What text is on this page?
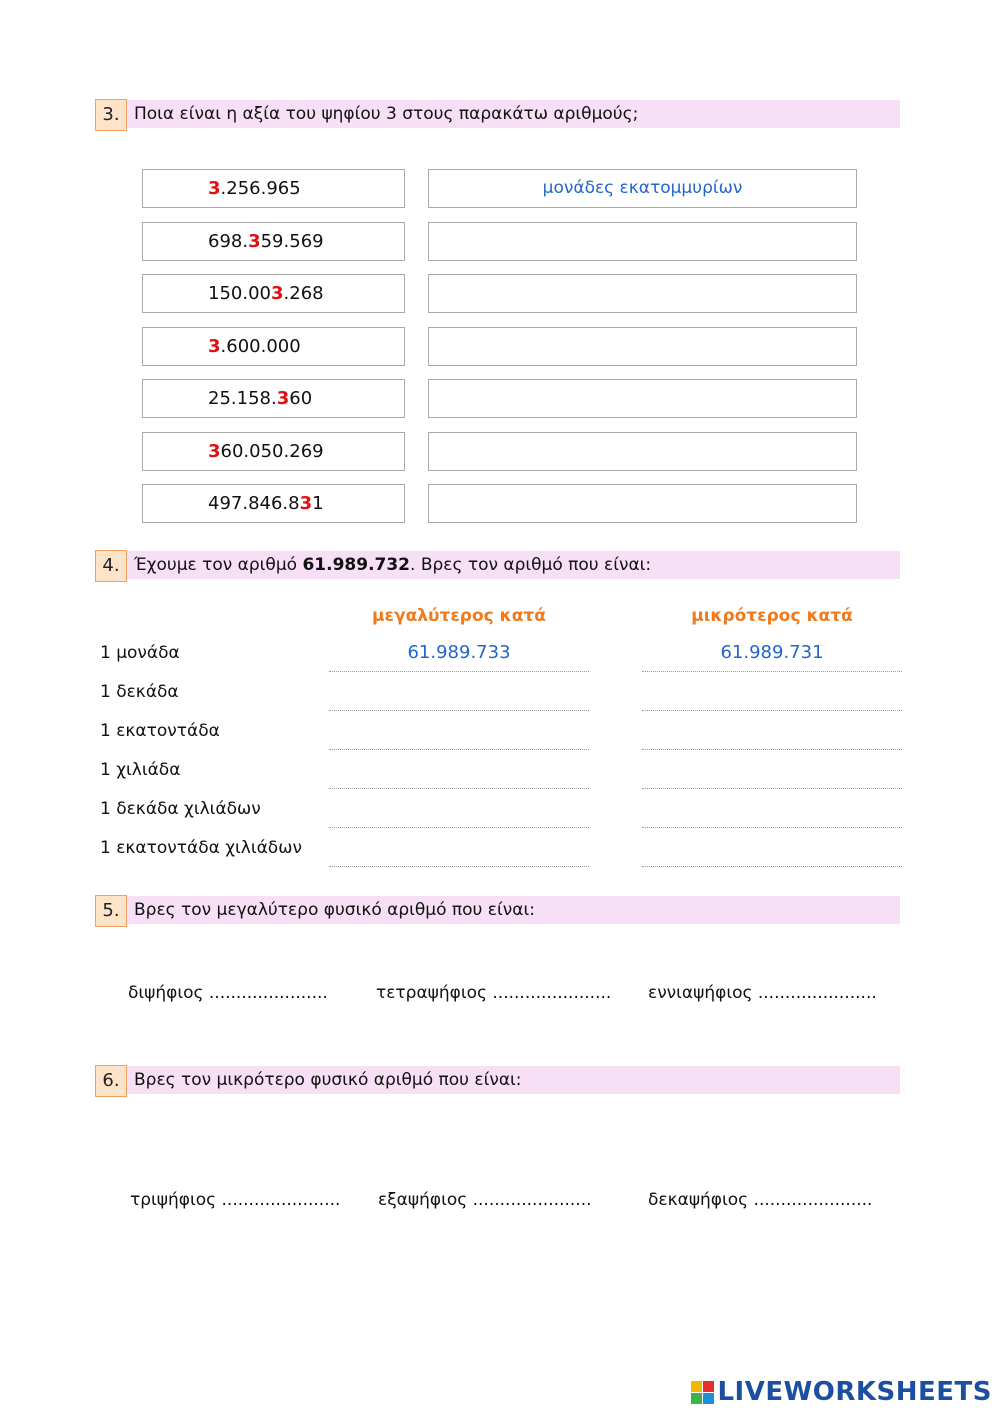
3. Ποια είναι η αξία του ψηφίου 3 στους παρακάτω αριθμούς;
3.256.965	μονάδες εκατομμυρίων
698.359.569
150.003.268
3.600.000
25.158.360
360.050.269
497.846.831
4. Έχουμε τον αριθμό 61.989.732. Βρες τον αριθμό που είναι:
μεγαλύτερος κατά	μικρότερος κατά
1 μονάδα	61.989.733	61.989.731
1 δεκάδα
1 εκατοντάδα
1 χιλιάδα
1 δεκάδα χιλιάδων
1 εκατοντάδα χιλιάδων
5. Βρες τον μεγαλύτερο φυσικό αριθμό που είναι:
διψήφιος ......................	τετραψήφιος ...................... εννιαψήφιος ......................
6. Βρες τον μικρότερο φυσικό αριθμό που είναι:
τριψήφιος ...................... εξαψήφιος ......................	δεκαψήφιος ......................
LIVEWORKSHEETS
